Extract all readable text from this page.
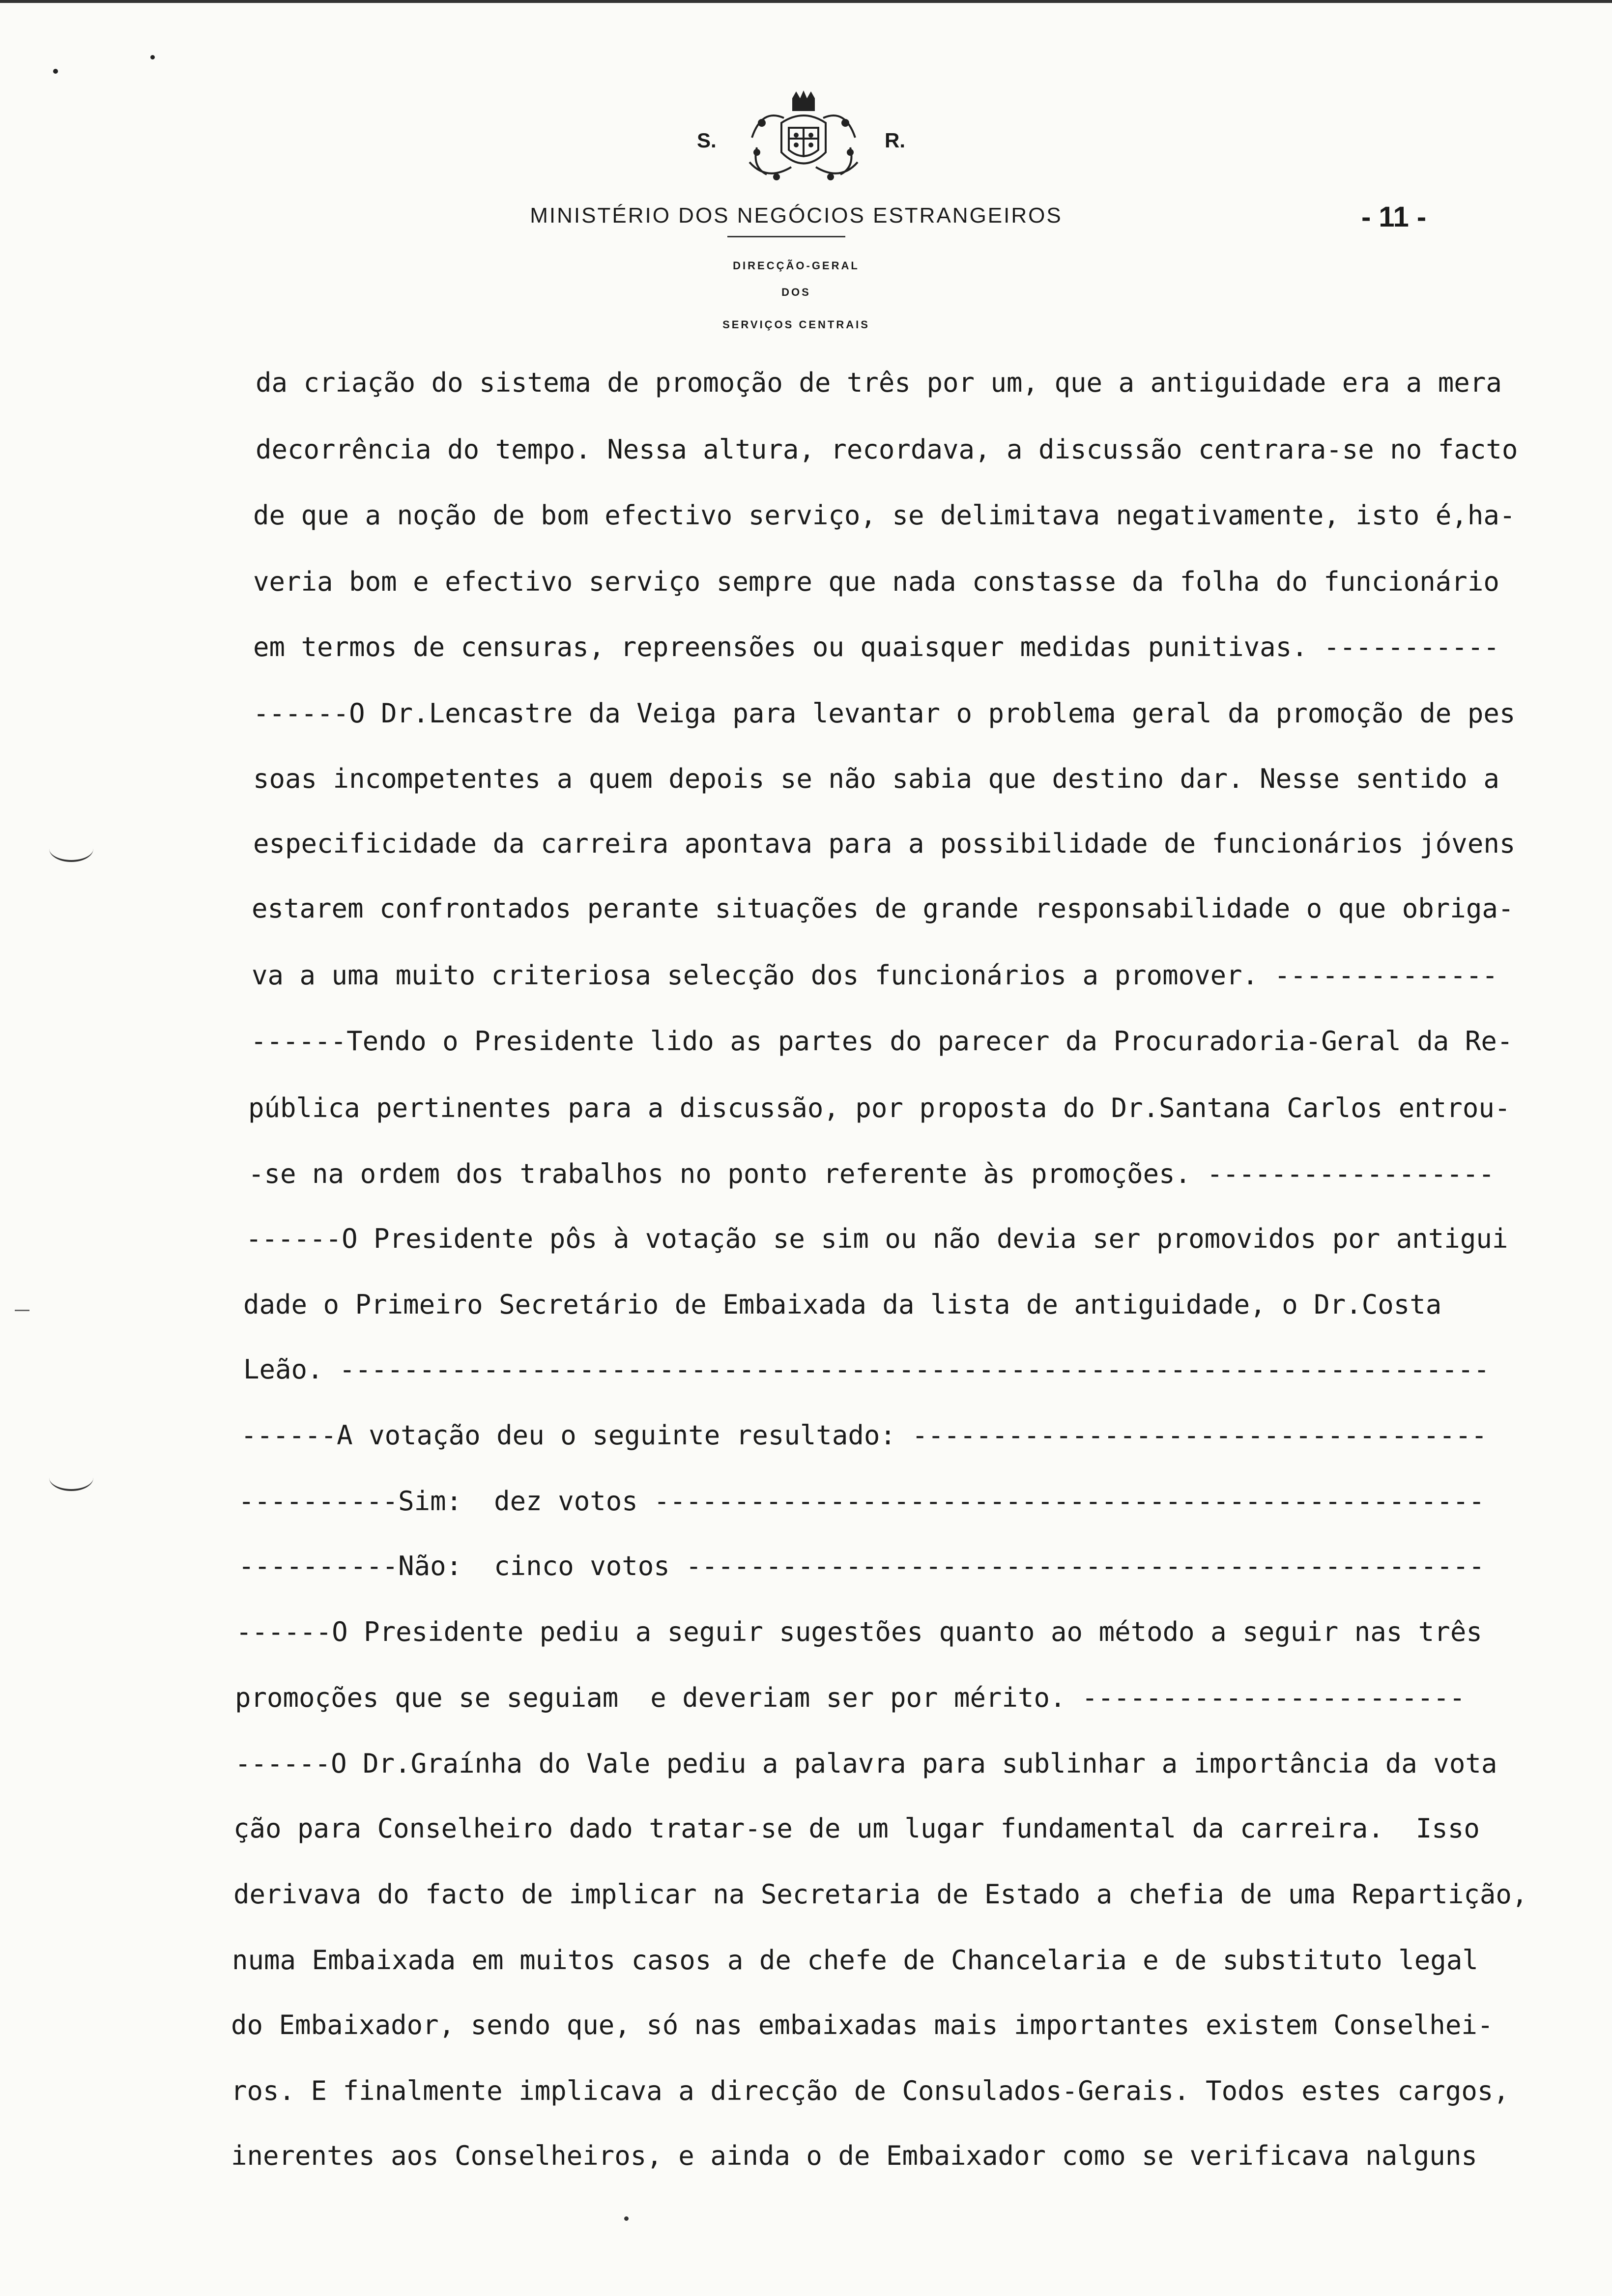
S.	R.
MINISTÉRIO DOS NEGÓCIOS ESTRANGEIROS
DIRECÇÃO-GERAL
DOS
SERVIÇOS CENTRAIS
- 11 -
da criação do sistema de promoção de três por um, que a antiguidade era a mera
decorrência do tempo. Nessa altura, recordava, a discussão centrara-se no facto
de que a noção de bom efectivo serviço, se delimitava negativamente, isto é,ha-
veria bom e efectivo serviço sempre que nada constasse da folha do funcionário
em termos de censuras, repreensões ou quaisquer medidas punitivas. -----------
------O Dr.Lencastre da Veiga para levantar o problema geral da promoção de pes
soas incompetentes a quem depois se não sabia que destino dar. Nesse sentido a
especificidade da carreira apontava para a possibilidade de funcionários jóvens
estarem confrontados perante situações de grande responsabilidade o que obriga-
va a uma muito criteriosa selecção dos funcionários a promover. --------------
------Tendo o Presidente lido as partes do parecer da Procuradoria-Geral da Re-
pública pertinentes para a discussão, por proposta do Dr.Santana Carlos entrou-
-se na ordem dos trabalhos no ponto referente às promoções. ------------------
------O Presidente pôs à votação se sim ou não devia ser promovidos por antigui
dade o Primeiro Secretário de Embaixada da lista de antiguidade, o Dr.Costa
Leão. ------------------------------------------------------------------------
------A votação deu o seguinte resultado: ------------------------------------
----------Sim:  dez votos ----------------------------------------------------
----------Não:  cinco votos --------------------------------------------------
------O Presidente pediu a seguir sugestões quanto ao método a seguir nas três
promoções que se seguiam  e deveriam ser por mérito. ------------------------
------O Dr.Graínha do Vale pediu a palavra para sublinhar a importância da vota
ção para Conselheiro dado tratar-se de um lugar fundamental da carreira.  Isso
derivava do facto de implicar na Secretaria de Estado a chefia de uma Repartição,
numa Embaixada em muitos casos a de chefe de Chancelaria e de substituto legal
do Embaixador, sendo que, só nas embaixadas mais importantes existem Conselhei-
ros. E finalmente implicava a direcção de Consulados-Gerais. Todos estes cargos,
inerentes aos Conselheiros, e ainda o de Embaixador como se verificava nalguns
